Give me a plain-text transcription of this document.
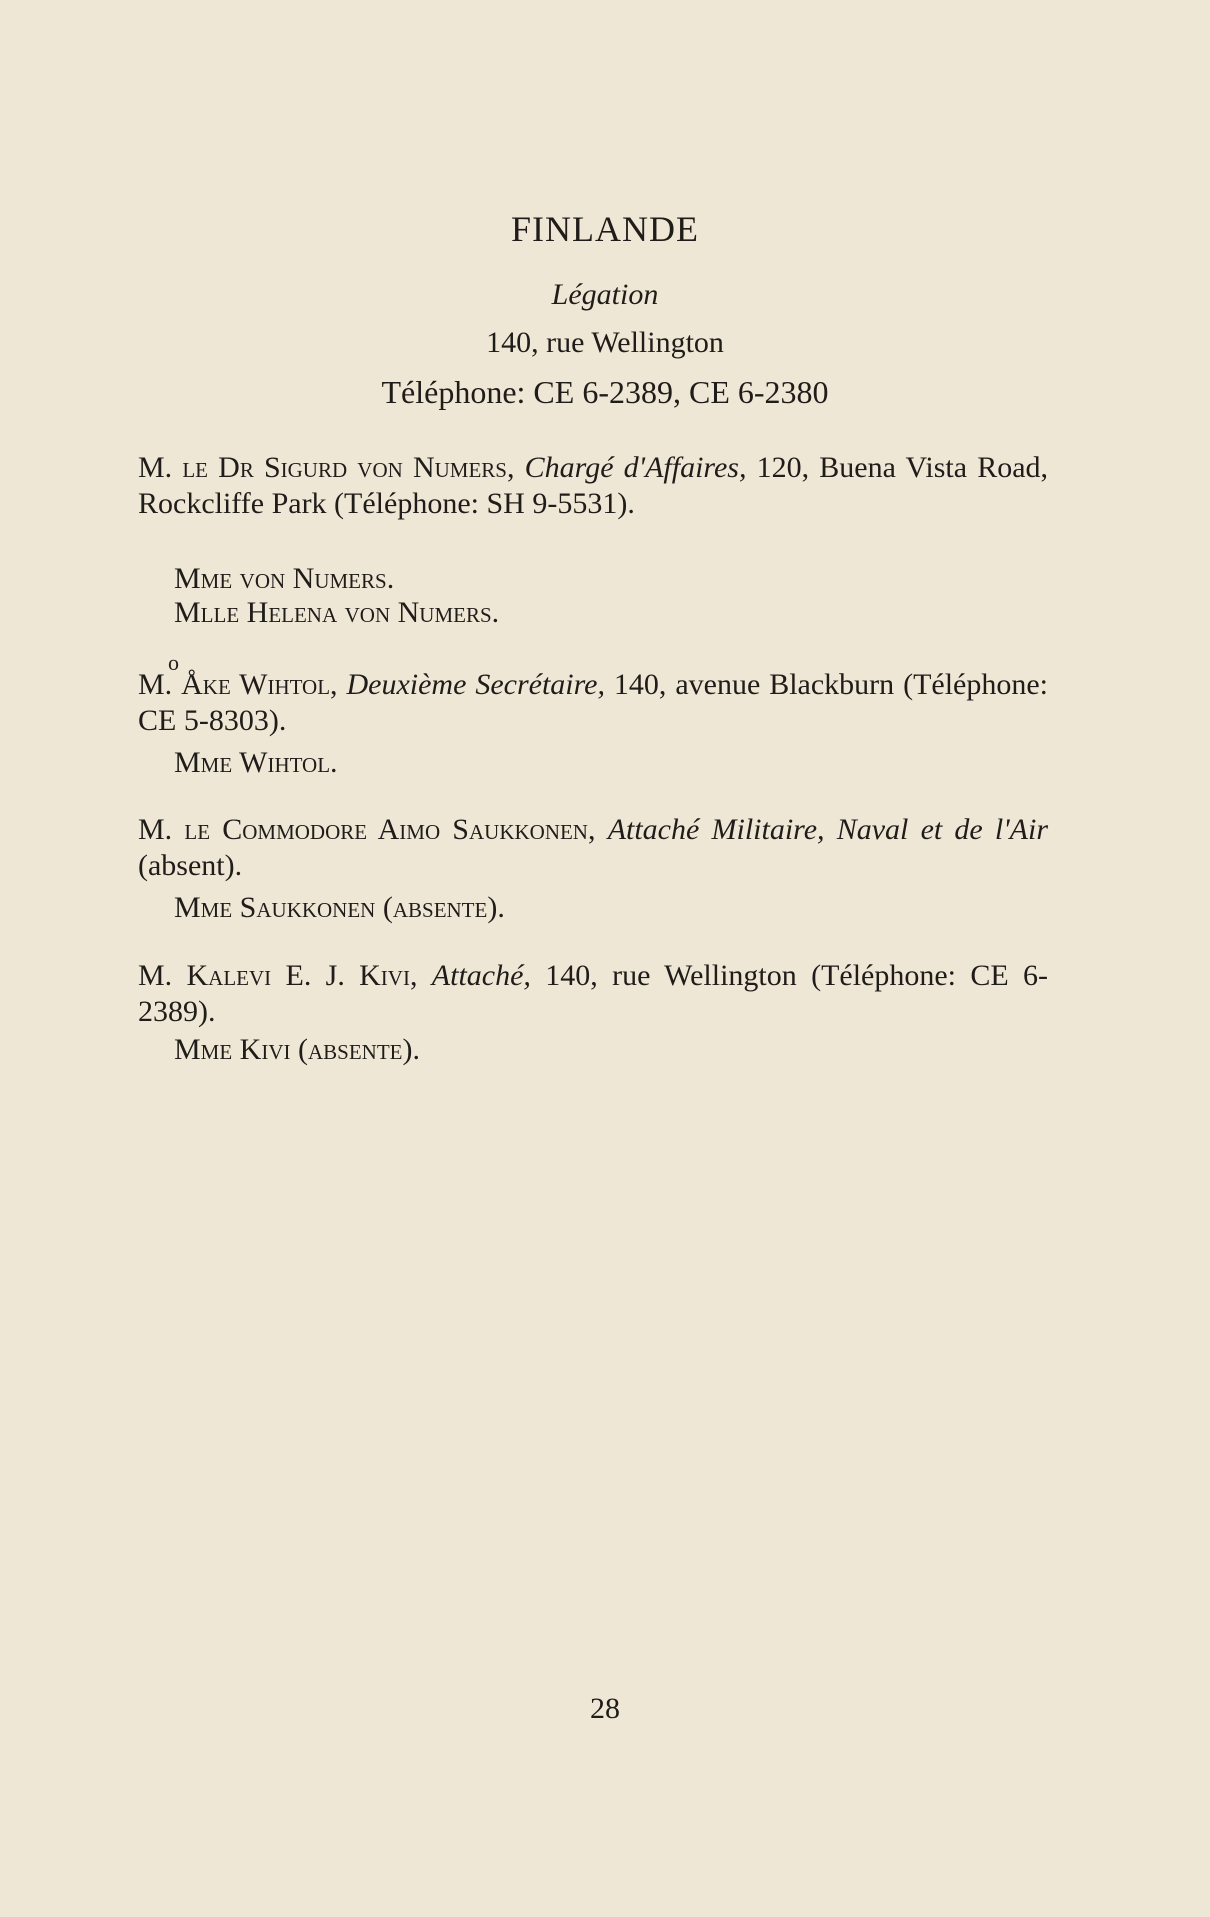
FINLANDE
Légation
140, rue Wellington
Téléphone: CE 6-2389, CE 6-2380
M. le Dr Sigurd von Numers, Chargé d'Affaires, 120, Buena Vista Road, Rockcliffe Park (Téléphone: SH 9-5531).
Mme von Numers.
Mlle Helena von Numers.
o
M. Åke Wihtol, Deuxième Secrétaire, 140, avenue Blackburn (Téléphone: CE 5-8303).
Mme Wihtol.
M. le Commodore Aimo Saukkonen, Attaché Militaire, Naval et de l'Air (absent).
Mme Saukkonen (absente).
M. Kalevi E. J. Kivi, Attaché, 140, rue Wellington (Téléphone: CE 6-2389).
Mme Kivi (absente).
28
